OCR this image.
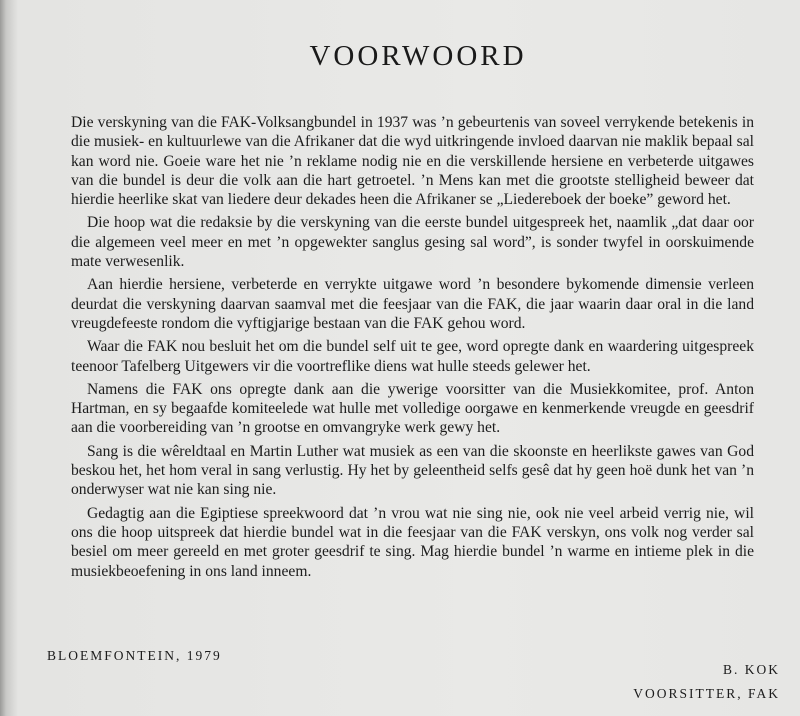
VOORWOORD

Die verskyning van die FAK-Volksangbundel in 1937 was ’n gebeurtenis van soveel verrykende betekenis in die musiek- en kultuurlewe van die Afrikaner dat die wyd uitkringende invloed daarvan nie maklik bepaal sal kan word nie. Goeie ware het nie ’n reklame nodig nie en die verskillende hersiene en verbeterde uitgawes van die bundel is deur die volk aan die hart getroetel. ’n Mens kan met die grootste stelligheid beweer dat hierdie heerlike skat van liedere deur dekades heen die Afrikaner se „Liedereboek der boeke” geword het.

Die hoop wat die redaksie by die verskyning van die eerste bundel uitgespreek het, naamlik „dat daar oor die algemeen veel meer en met ’n opgewekter sanglus gesing sal word”, is sonder twyfel in oorskuimende mate verwesenlik.

Aan hierdie hersiene, verbeterde en verrykte uitgawe word ’n besondere bykomende dimensie verleen deurdat die verskyning daarvan saamval met die feesjaar van die FAK, die jaar waarin daar oral in die land vreugdefeeste rondom die vyftigjarige bestaan van die FAK gehou word.

Waar die FAK nou besluit het om die bundel self uit te gee, word opregte dank en waardering uitgespreek teenoor Tafelberg Uitgewers vir die voortreflike diens wat hulle steeds gelewer het.

Namens die FAK ons opregte dank aan die ywerige voorsitter van die Musiekkomitee, prof. Anton Hartman, en sy begaafde komiteelede wat hulle met volledige oorgawe en kenmerkende vreugde en geesdrif aan die voorbereiding van ’n grootse en omvangryke werk gewy het.

Sang is die wêreldtaal en Martin Luther wat musiek as een van die skoonste en heerlikste gawes van God beskou het, het hom veral in sang verlustig. Hy het by geleentheid selfs gesê dat hy geen hoë dunk het van ’n onderwyser wat nie kan sing nie.

Gedagtig aan die Egiptiese spreekwoord dat ’n vrou wat nie sing nie, ook nie veel arbeid verrig nie, wil ons die hoop uitspreek dat hierdie bundel wat in die feesjaar van die FAK verskyn, ons volk nog verder sal besiel om meer gereeld en met groter geesdrif te sing. Mag hierdie bundel ’n warme en intieme plek in die musiekbeoefening in ons land inneem.

BLOEMFONTEIN, 1979
B. KOK
VOORSITTER, FAK
